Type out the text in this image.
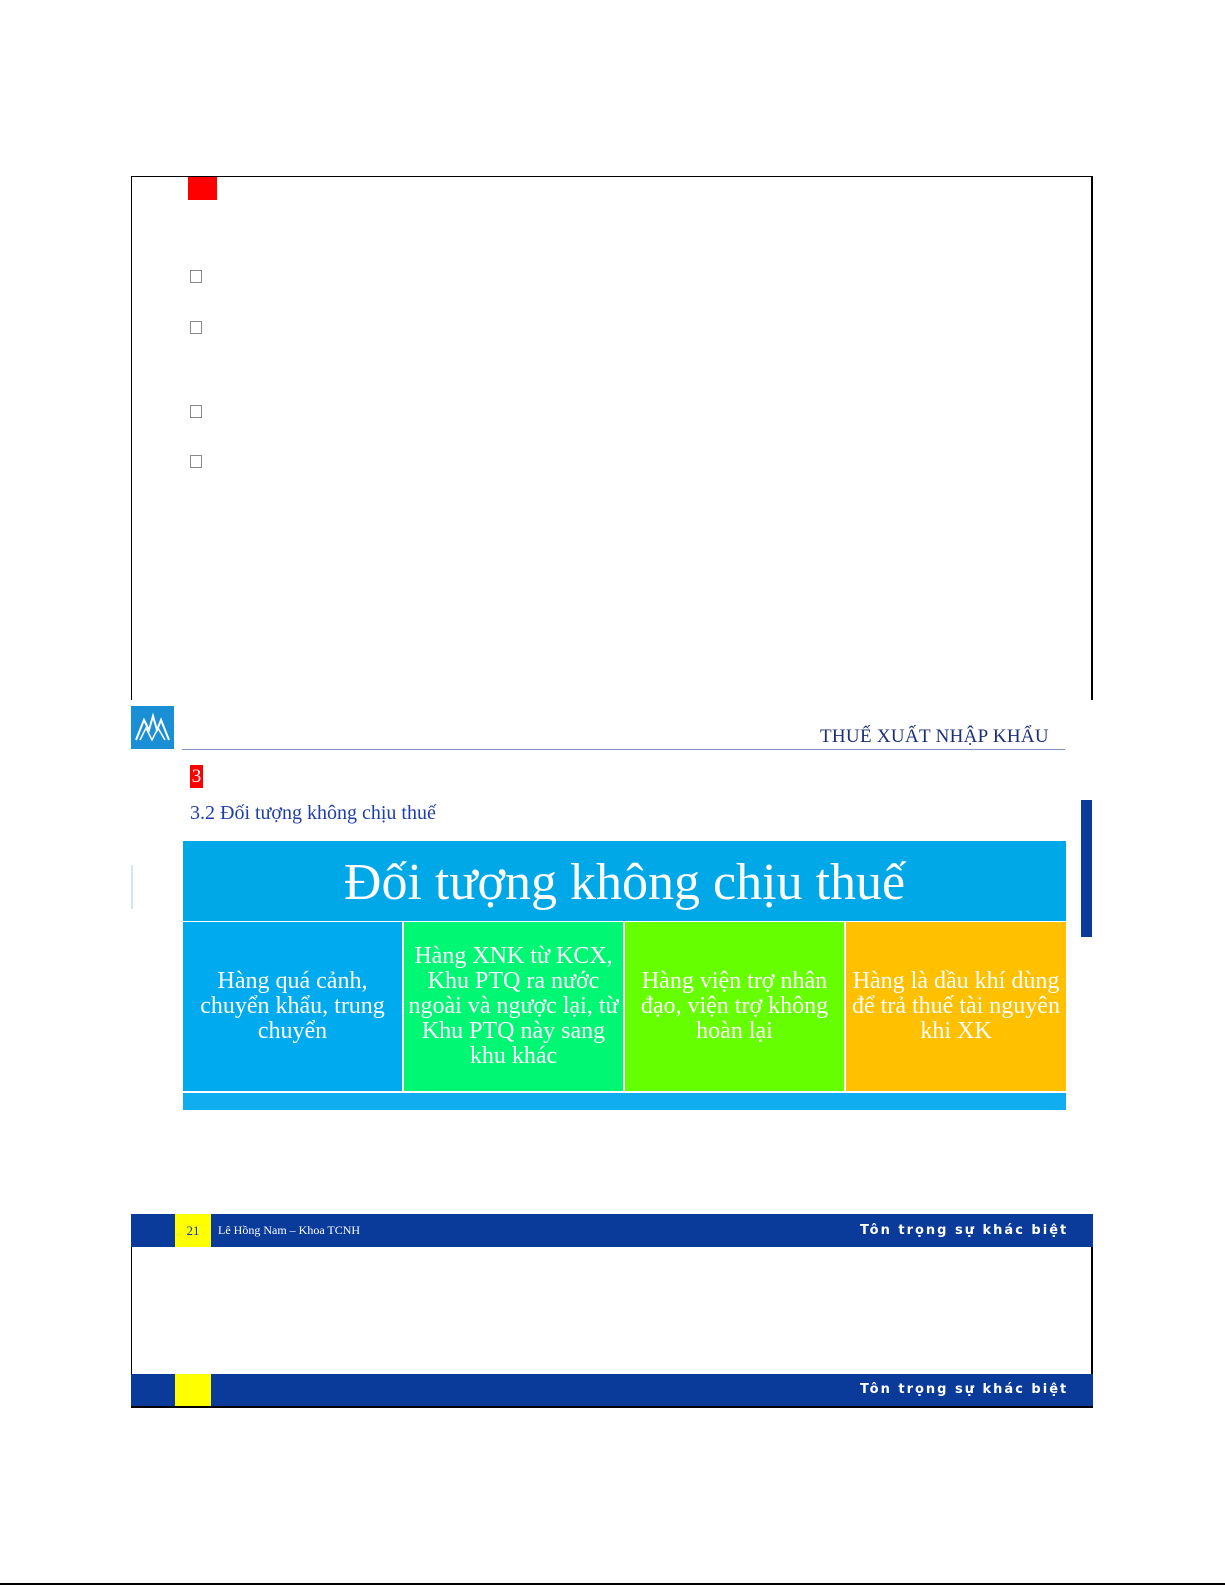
THUẾ XUẤT NHẬP KHẨU
3
3.2 Đối tượng không chịu thuế
Đối tượng không chịu thuế
Hàng quá cảnh, chuyển khẩu, trung chuyển
Hàng XNK từ KCX, Khu PTQ ra nước ngoài và ngược lại, từ Khu PTQ này sang khu khác
Hàng viện trợ nhân đạo, viện trợ không hoàn lại
Hàng là dầu khí dùng để trả thuế tài nguyên khi XK
21	Lê Hồng Nam – Khoa TCNH	Tôn trọng sự khác biệt
Tôn trọng sự khác biệt
